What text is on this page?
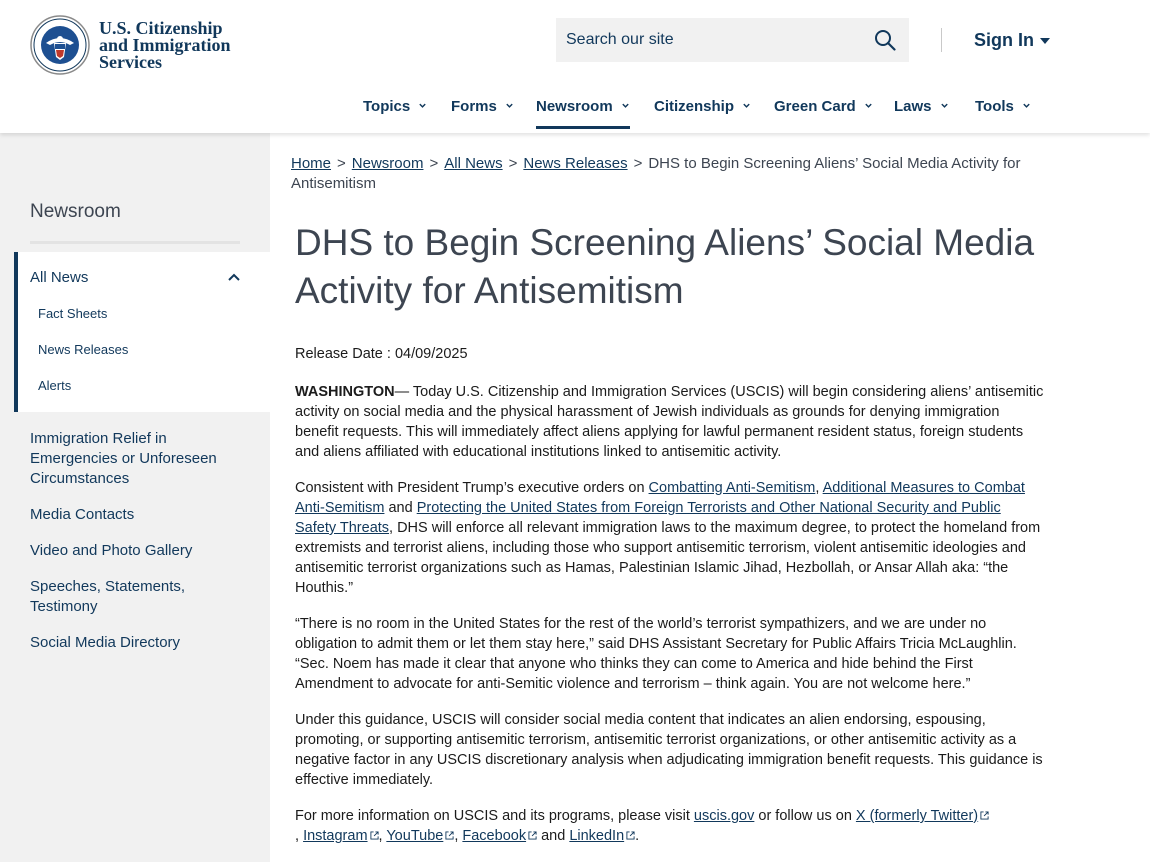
U.S. Citizenship
and Immigration
Services
Search our site
Sign In
Topics	Forms	Newsroom	Citizenship	Green Card	Laws	Tools
Newsroom
All News
Fact Sheets
News Releases
Alerts
Immigration Relief in Emergencies or Unforeseen Circumstances
Media Contacts
Video and Photo Gallery
Speeches, Statements, Testimony
Social Media Directory
Home > Newsroom > All News > News Releases > DHS to Begin Screening Aliens’ Social Media Activity for Antisemitism
DHS to Begin Screening Aliens’ Social Media Activity for Antisemitism
Release Date : 04/09/2025

WASHINGTON— Today U.S. Citizenship and Immigration Services (USCIS) will begin considering aliens’ antisemitic activity on social media and the physical harassment of Jewish individuals as grounds for denying immigration benefit requests. This will immediately affect aliens applying for lawful permanent resident status, foreign students and aliens affiliated with educational institutions linked to antisemitic activity.

Consistent with President Trump’s executive orders on Combatting Anti-Semitism, Additional Measures to Combat Anti-Semitism and Protecting the United States from Foreign Terrorists and Other National Security and Public Safety Threats, DHS will enforce all relevant immigration laws to the maximum degree, to protect the homeland from extremists and terrorist aliens, including those who support antisemitic terrorism, violent antisemitic ideologies and antisemitic terrorist organizations such as Hamas, Palestinian Islamic Jihad, Hezbollah, or Ansar Allah aka: “the Houthis.”

“There is no room in the United States for the rest of the world’s terrorist sympathizers, and we are under no obligation to admit them or let them stay here,” said DHS Assistant Secretary for Public Affairs Tricia McLaughlin. “Sec. Noem has made it clear that anyone who thinks they can come to America and hide behind the First Amendment to advocate for anti-Semitic violence and terrorism – think again. You are not welcome here.”

Under this guidance, USCIS will consider social media content that indicates an alien endorsing, espousing, promoting, or supporting antisemitic terrorism, antisemitic terrorist organizations, or other antisemitic activity as a negative factor in any USCIS discretionary analysis when adjudicating immigration benefit requests. This guidance is effective immediately.

For more information on USCIS and its programs, please visit uscis.gov or follow us on X (formerly Twitter)
, Instagram , YouTube , Facebook and LinkedIn .
